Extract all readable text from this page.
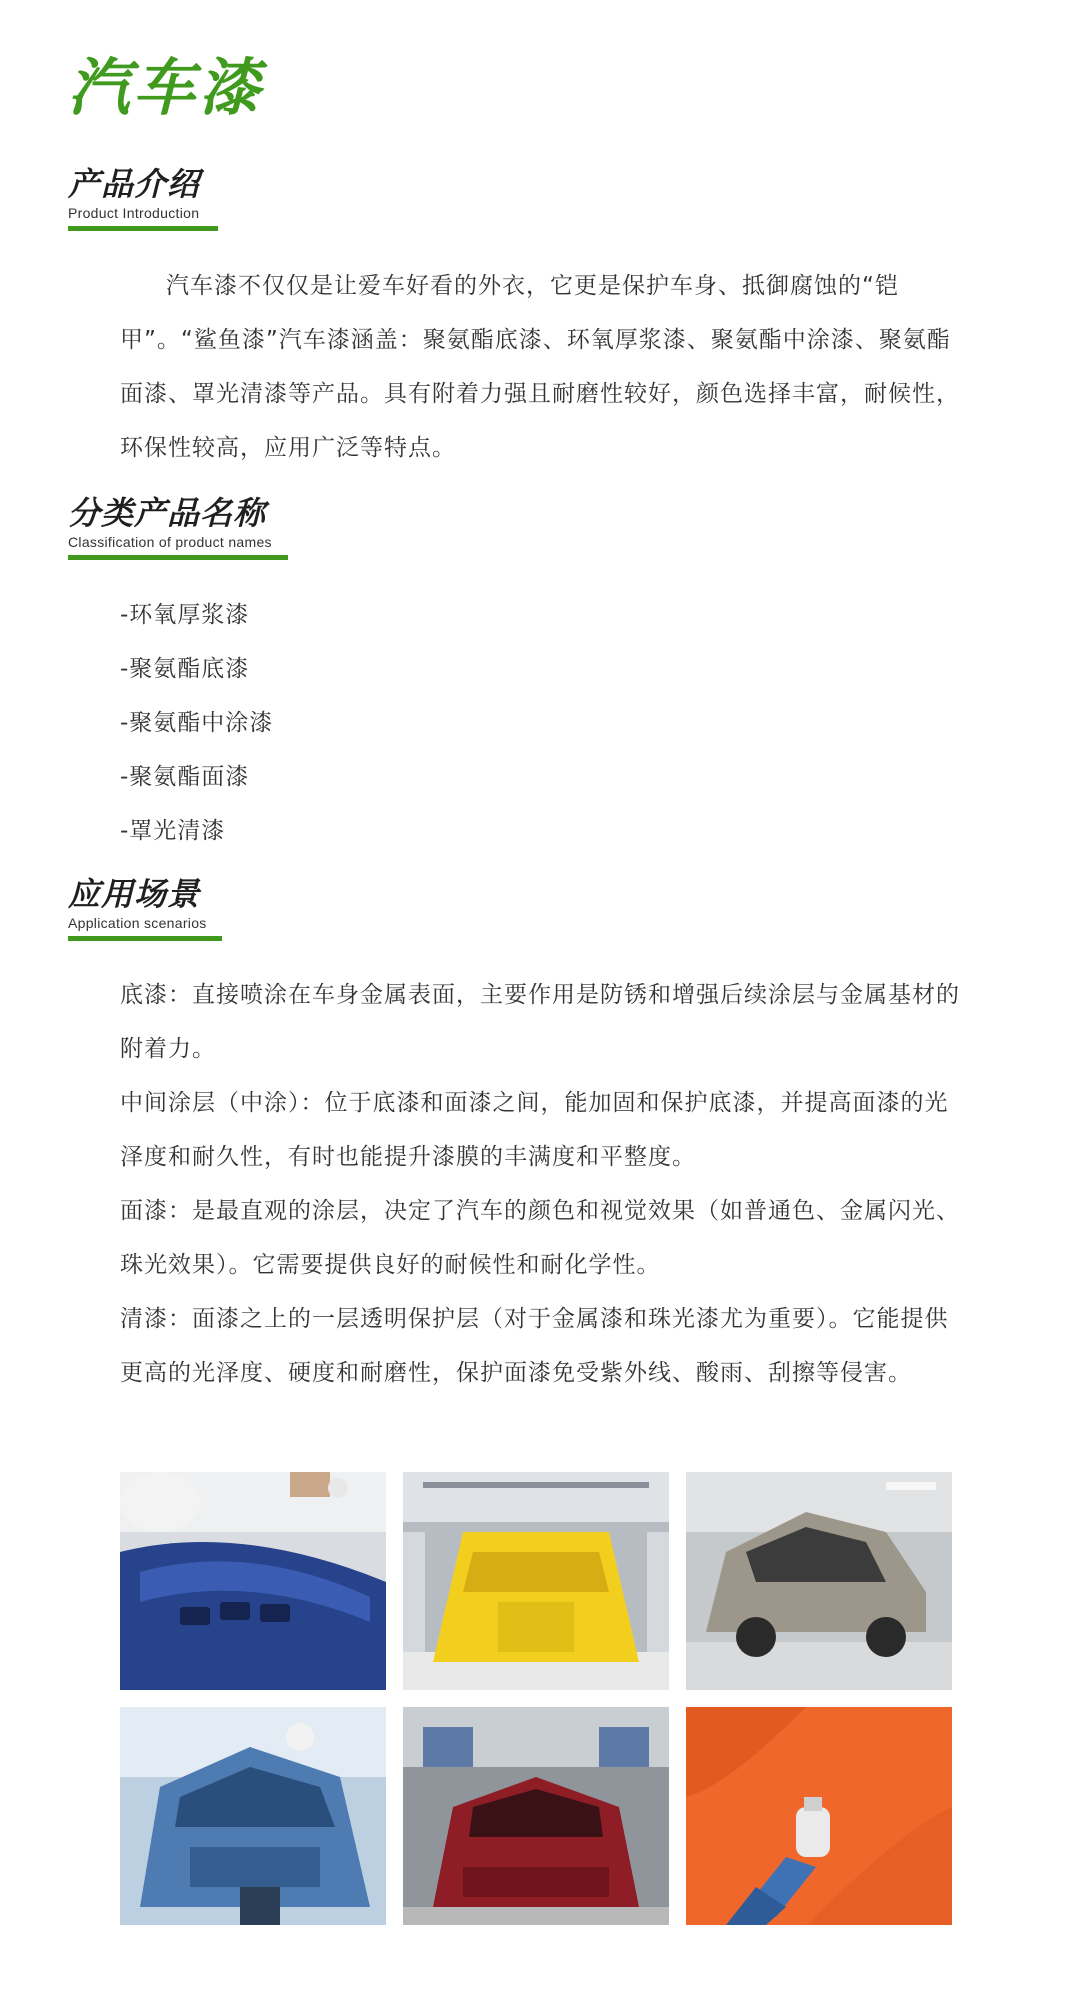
汽车漆
产品介绍
Product Introduction
汽车漆不仅仅是让爱车好看的外衣，它更是保护车身、抵御腐蚀的“铠甲”。“鲨鱼漆”汽车漆涵盖：聚氨酯底漆、环氧厚浆漆、聚氨酯中涂漆、聚氨酯面漆、罩光清漆等产品。具有附着力强且耐磨性较好，颜色选择丰富，耐候性，环保性较高，应用广泛等特点。
分类产品名称
Classification of product names
-环氧厚浆漆
-聚氨酯底漆
-聚氨酯中涂漆
-聚氨酯面漆
-罩光清漆
应用场景
Application scenarios
底漆：直接喷涂在车身金属表面，主要作用是防锈和增强后续涂层与金属基材的附着力。
中间涂层（中涂）：位于底漆和面漆之间，能加固和保护底漆，并提高面漆的光泽度和耐久性，有时也能提升漆膜的丰满度和平整度。
面漆：是最直观的涂层，决定了汽车的颜色和视觉效果（如普通色、金属闪光、珠光效果）。它需要提供良好的耐候性和耐化学性。
清漆：面漆之上的一层透明保护层（对于金属漆和珠光漆尤为重要）。它能提供更高的光泽度、硬度和耐磨性，保护面漆免受紫外线、酸雨、刮擦等侵害。
